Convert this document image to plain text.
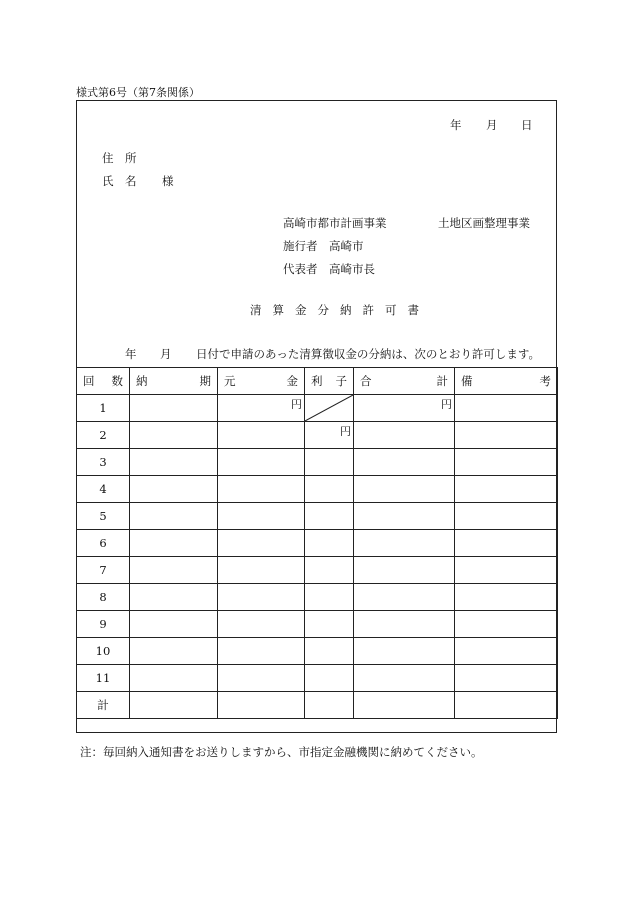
様式第6号（第7条関係）
年 月 日
住　所
氏　名 様
高崎市都市計画事業	土地区画整理事業
施行者　高崎市
代表者　高崎市長
清算金分納許可書
年 月 日付で申請のあった清算徴収金の分納は、次のとおり許可します。
回 数	納 期	元 金	利 子	合 計	備 考

1		円		円	

2			円		

3					
4					
5					
6					
7					
8					
9					
10					
11					
計					
注：毎回納入通知書をお送りしますから、市指定金融機関に納めてください。
